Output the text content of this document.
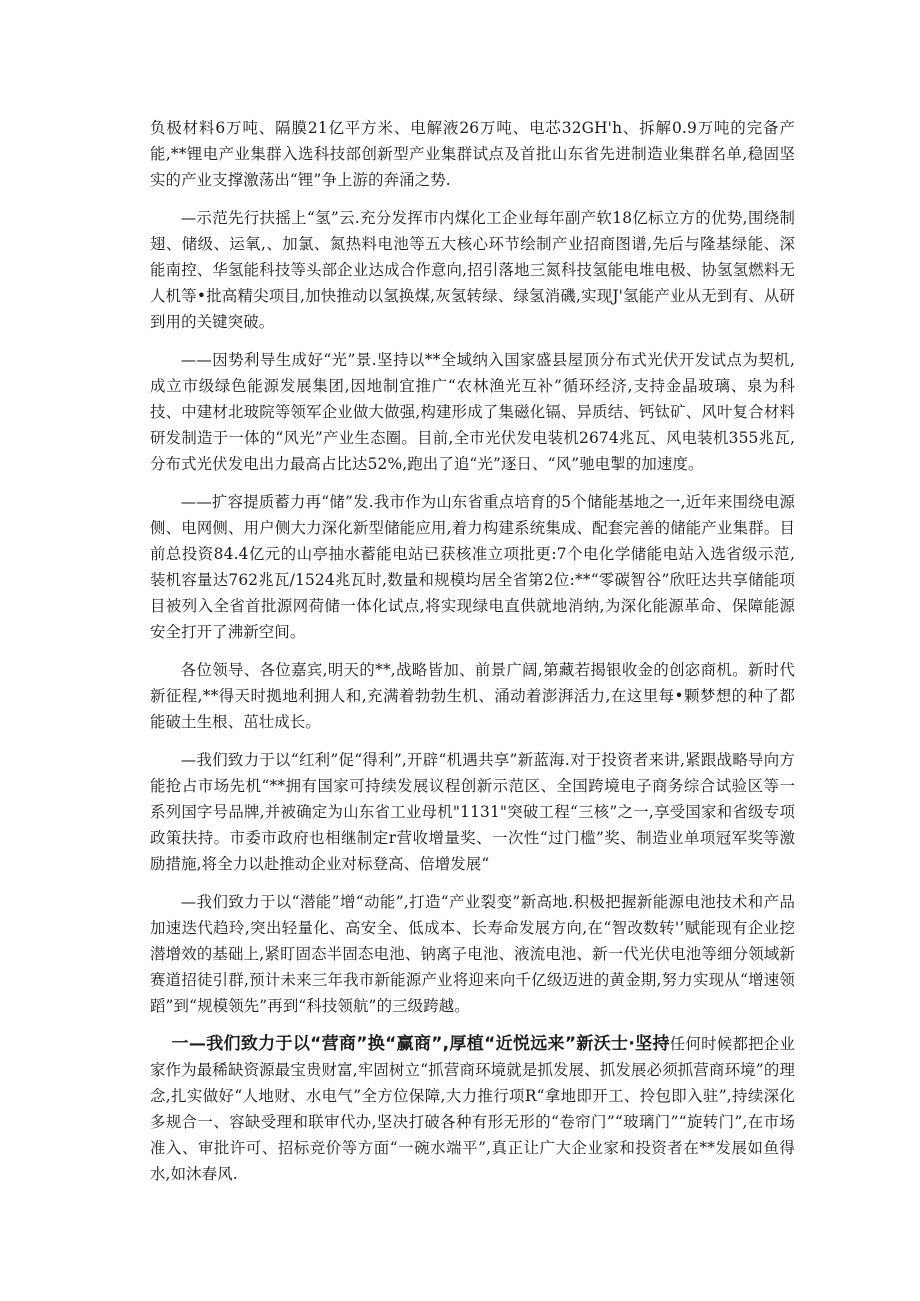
负极材料6万吨、隔膜21亿平方米、电解液26万吨、电芯32GH'h、拆解0.9万吨的完备产能,**锂电产业集群入选科技部创新型产业集群试点及首批山东省先进制造业集群名单,稳固坚实的产业支撑激荡出“锂”争上游的奔涌之势.

—示范先行扶摇上“氢”云.充分发挥市内煤化工企业每年副产软18亿标立方的优势,围绕制翅、储级、运氧,、加氯、氮热料电池等五大核心环节绘制产业招商图谱,先后与隆基绿能、深能南控、华氢能科技等头部企业达成合作意向,招引落地三氮科技氢能电堆电极、协氢氢燃料无人机等•批高精尖项目,加快推动以氢换煤,灰氢转绿、绿氢消磯,实现J'氢能产业从无到有、从研到用的关键突破。

——因势利导生成好“光”景.坚持以**全域纳入国家盛县屋顶分布式光伏开发试点为契机,成立市级绿色能源发展集团,因地制宜推广“农林渔光互补”循环经济,支持金晶玻璃、泉为科技、中建材北玻院等领军企业做大做强,构建形成了集磁化镉、异质结、钙钛矿、风叶复合材料研发制造于一体的“风光”产业生态圈。目前,全市光伏发电装机2674兆瓦、风电装机355兆瓦,分布式光伏发电出力最高占比达52%,跑出了追“光”逐日、“风”驰电掣的加速度。

——扩容提质蓄力再“储”发.我市作为山东省重点培育的5个储能基地之一,近年来围绕电源侧、电网侧、用户侧大力深化新型储能应用,着力构建系统集成、配套完善的储能产业集群。目前总投资84.4亿元的山亭抽水蓄能电站已获核准立项批更:7个电化学储能电站入选省级示范,装机容量达762兆瓦/1524兆瓦时,数量和规模均居全省第2位:**“零碳智谷”欣旺达共享储能项目被列入全省首批源网荷储一体化试点,将实现绿电直供就地消纳,为深化能源革命、保障能源安全打开了沸新空间。

各位领导、各位嘉宾,明天的**,战略皆加、前景广阔,第藏若揭银收金的创宓商机。新时代新征程,**得天时拠地利拥人和,充满着勃勃生机、涌动着澎湃活力,在这里每•颗梦想的种了都能破土生根、茁壮成长。

—我们致力于以“红利”促“得利”,开辟“机遇共享”新蓝海.对于投资者来讲,紧跟战略导向方能抢占市场先机“**拥有国家可持续发展议程创新示范区、全国跨境电子商务综合试验区等一系列国字号品牌,并被确定为山东省工业母机"1131"突破工程“三核”之一,享受国家和省级专项政策扶持。市委市政府也相继制定r营收增量奖、一次性“过门槛”奖、制造业单项冠军奖等激励措施,将全力以赴推动企业对标登高、倍增发展“

—我们致力于以“潜能”增“动能”,打造“产业裂变”新高地.积极把握新能源电池技术和产品加速迭代趋玲,突出轻量化、高安全、低成本、长寿命发展方向,在“智改数转'’赋能现有企业挖潜增效的基础上,紧盯固态半固态电池、钠离子电池、液流电池、新一代光伏电池等细分领域新赛道招徒引群,预计未来三年我市新能源产业将迎来向千亿级迈进的黄金期,努力实现从“增速领蹈”到“规模领先”再到“科技领航”的三级跨越。

一—我们致力于以“营商”换“赢商”,厚植“近悦远来”新沃士·坚持任何时候都把企业家作为最稀缺资源最宝贵财富,牢固树立“抓营商环境就是抓发展、抓发展必须抓营商环境”的理念,扎实做好“人地财、水电气”全方位保障,大力推行项R“拿地即开工、拎包即入驻”,持续深化多规合一、容缺受理和联审代办,坚决打破各种有形无形的“卷帘门”“玻璃门”“旋转门”,在市场准入、审批许可、招标竞价等方面“一碗水端平”,真正让广大企业家和投资者在**发展如鱼得水,如沐春风.
